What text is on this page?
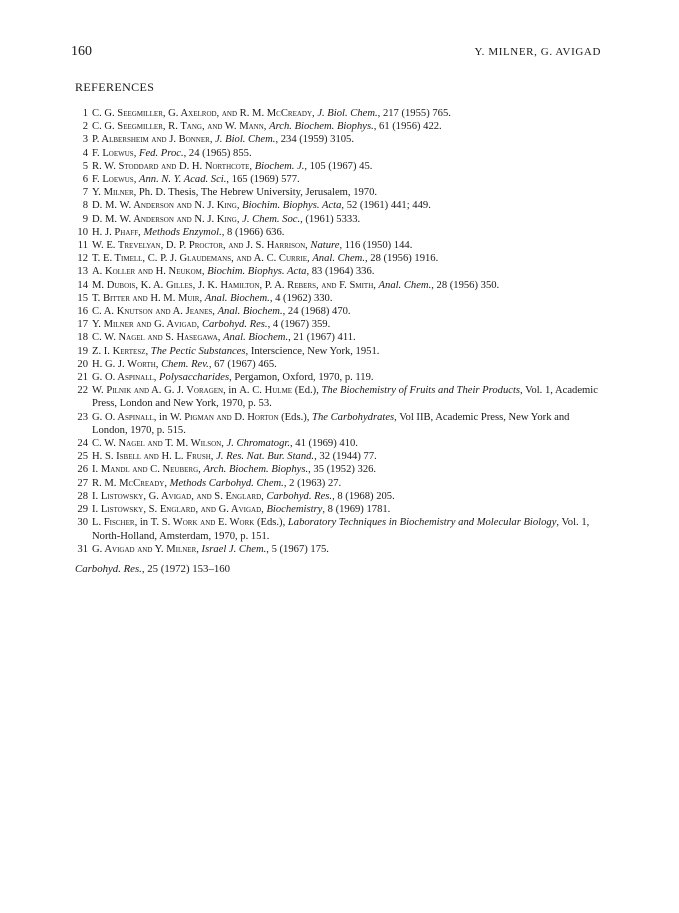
160	Y. MILNER, G. AVIGAD
REFERENCES
1 C. G. Seegmiller, G. Axelrod, and R. M. McCready, J. Biol. Chem., 217 (1955) 765.
2 C. G. Seegmiller, R. Tang, and W. Mann, Arch. Biochem. Biophys., 61 (1956) 422.
3 P. Albersheim and J. Bonner, J. Biol. Chem., 234 (1959) 3105.
4 F. Loewus, Fed. Proc., 24 (1965) 855.
5 R. W. Stoddard and D. H. Northcote, Biochem. J., 105 (1967) 45.
6 F. Loewus, Ann. N. Y. Acad. Sci., 165 (1969) 577.
7 Y. Milner, Ph. D. Thesis, The Hebrew University, Jerusalem, 1970.
8 D. M. W. Anderson and N. J. King, Biochim. Biophys. Acta, 52 (1961) 441; 449.
9 D. M. W. Anderson and N. J. King, J. Chem. Soc., (1961) 5333.
10 H. J. Phaff, Methods Enzymol., 8 (1966) 636.
11 W. E. Trevelyan, D. P. Proctor, and J. S. Harrison, Nature, 116 (1950) 144.
12 T. E. Timell, C. P. J. Glaudemans, and A. C. Currie, Anal. Chem., 28 (1956) 1916.
13 A. Koller and H. Neukom, Biochim. Biophys. Acta, 83 (1964) 336.
14 M. Dubois, K. A. Gilles, J. K. Hamilton, P. A. Rebers, and F. Smith, Anal. Chem., 28 (1956) 350.
15 T. Bitter and H. M. Muir, Anal. Biochem., 4 (1962) 330.
16 C. A. Knutson and A. Jeanes, Anal. Biochem., 24 (1968) 470.
17 Y. Milner and G. Avigad, Carbohyd. Res., 4 (1967) 359.
18 C. W. Nagel and S. Hasegawa, Anal. Biochem., 21 (1967) 411.
19 Z. I. Kertesz, The Pectic Substances, Interscience, New York, 1951.
20 H. G. J. Worth, Chem. Rev., 67 (1967) 465.
21 G. O. Aspinall, Polysaccharides, Pergamon, Oxford, 1970, p. 119.
22 W. Pilnik and A. G. J. Voragen, in A. C. Hulme (Ed.), The Biochemistry of Fruits and Their Products, Vol. 1, Academic Press, London and New York, 1970, p. 53.
23 G. O. Aspinall, in W. Pigman and D. Horton (Eds.), The Carbohydrates, Vol IIB, Academic Press, New York and London, 1970, p. 515.
24 C. W. Nagel and T. M. Wilson, J. Chromatogr., 41 (1969) 410.
25 H. S. Isbell and H. L. Frush, J. Res. Nat. Bur. Stand., 32 (1944) 77.
26 I. Mandl and C. Neuberg, Arch. Biochem. Biophys., 35 (1952) 326.
27 R. M. McCready, Methods Carbohyd. Chem., 2 (1963) 27.
28 I. Listowsky, G. Avigad, and S. Englard, Carbohyd. Res., 8 (1968) 205.
29 I. Listowsky, S. Englard, and G. Avigad, Biochemistry, 8 (1969) 1781.
30 L. Fischer, in T. S. Work and E. Work (Eds.), Laboratory Techniques in Biochemistry and Molecular Biology, Vol. 1, North-Holland, Amsterdam, 1970, p. 151.
31 G. Avigad and Y. Milner, Israel J. Chem., 5 (1967) 175.
Carbohyd. Res., 25 (1972) 153–160
